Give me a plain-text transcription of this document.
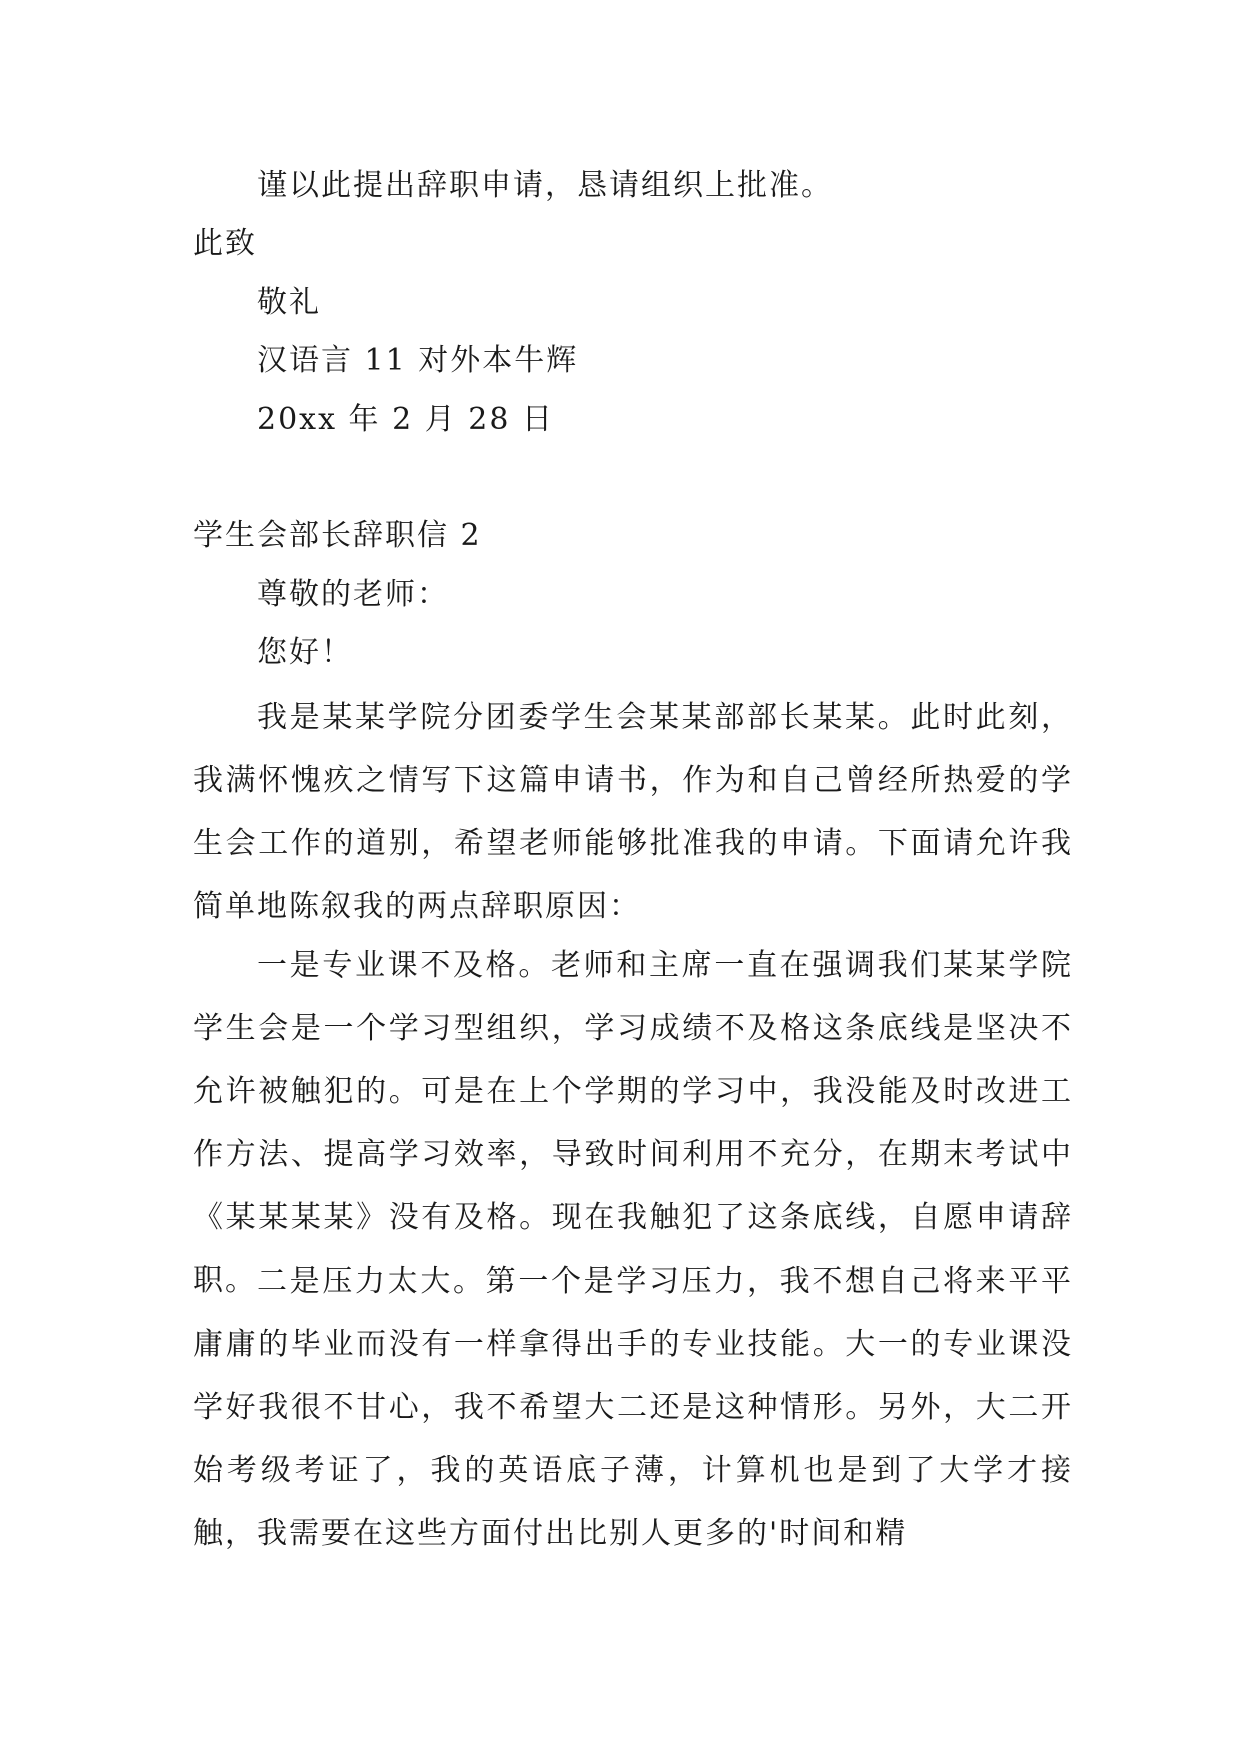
谨以此提出辞职申请，恳请组织上批准。
此致
敬礼
汉语言 11 对外本牛辉
20xx 年 2 月 28 日
学生会部长辞职信 2
尊敬的老师：
您好！

我是某某学院分团委学生会某某部部长某某。此时此刻，我满怀愧疚之情写下这篇申请书，作为和自己曾经所热爱的学生会工作的道别，希望老师能够批准我的申请。下面请允许我简单地陈叙我的两点辞职原因：

一是专业课不及格。老师和主席一直在强调我们某某学院学生会是一个学习型组织，学习成绩不及格这条底线是坚决不允许被触犯的。可是在上个学期的学习中，我没能及时改进工作方法、提高学习效率，导致时间利用不充分，在期末考试中《某某某某》没有及格。现在我触犯了这条底线，自愿申请辞职。 二是压力太大。第一个是学习压力，我不想自己将来平平庸庸的毕业而没有一样拿得出手的专业技能。大一的专业课没学好我很不甘心，我不希望大二还是这种情形。另外，大二开始考级考证了，我的英语底子薄，计算机也是到了大学才接触，我需要在这些方面付出比别人更多的'时间和精
